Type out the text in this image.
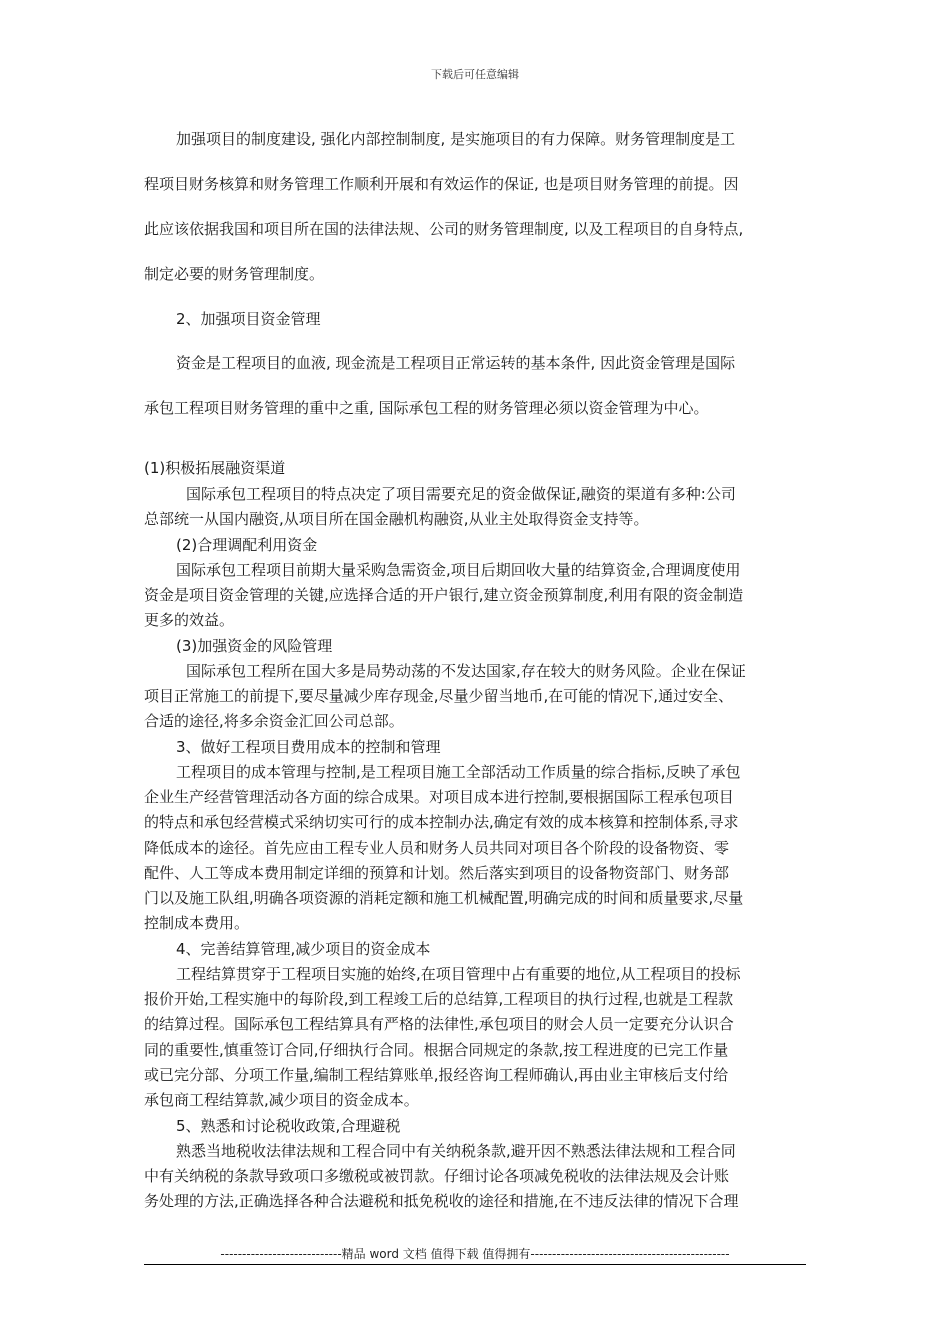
下载后可任意编辑
加强项目的制度建设, 强化内部控制制度, 是实施项目的有力保障。财务管理制度是工
程项目财务核算和财务管理工作顺利开展和有效运作的保证, 也是项目财务管理的前提。因
此应该依据我国和项目所在国的法律法规、公司的财务管理制度, 以及工程项目的自身特点,
制定必要的财务管理制度。
2、加强项目资金管理
资金是工程项目的血液, 现金流是工程项目正常运转的基本条件, 因此资金管理是国际
承包工程项目财务管理的重中之重, 国际承包工程的财务管理必须以资金管理为中心。
(1)积极拓展融资渠道
国际承包工程项目的特点决定了项目需要充足的资金做保证,融资的渠道有多种:公司
总部统一从国内融资,从项目所在国金融机构融资,从业主处取得资金支持等。
(2)合理调配利用资金
国际承包工程项目前期大量采购急需资金,项目后期回收大量的结算资金,合理调度使用
资金是项目资金管理的关键,应选择合适的开户银行,建立资金预算制度,利用有限的资金制造
更多的效益。
(3)加强资金的风险管理
国际承包工程所在国大多是局势动荡的不发达国家,存在较大的财务风险。企业在保证
项目正常施工的前提下,要尽量减少库存现金,尽量少留当地币,在可能的情况下,通过安全、
合适的途径,将多余资金汇回公司总部。
3、做好工程项目费用成本的控制和管理
工程项目的成本管理与控制,是工程项目施工全部活动工作质量的综合指标,反映了承包
企业生产经营管理活动各方面的综合成果。对项目成本进行控制,要根据国际工程承包项目
的特点和承包经营模式采纳切实可行的成本控制办法,确定有效的成本核算和控制体系,寻求
降低成本的途径。首先应由工程专业人员和财务人员共同对项目各个阶段的设备物资、零
配件、人工等成本费用制定详细的预算和计划。然后落实到项目的设备物资部门、财务部
门以及施工队组,明确各项资源的消耗定额和施工机械配置,明确完成的时间和质量要求,尽量
控制成本费用。
4、完善结算管理,减少项目的资金成本
工程结算贯穿于工程项目实施的始终,在项目管理中占有重要的地位,从工程项目的投标
报价开始,工程实施中的每阶段,到工程竣工后的总结算,工程项目的执行过程,也就是工程款
的结算过程。国际承包工程结算具有严格的法律性,承包项目的财会人员一定要充分认识合
同的重要性,慎重签订合同,仔细执行合同。根据合同规定的条款,按工程进度的已完工作量
或已完分部、分项工作量,编制工程结算账单,报经咨询工程师确认,再由业主审核后支付给
承包商工程结算款,减少项目的资金成本。
5、熟悉和讨论税收政策,合理避税
熟悉当地税收法律法规和工程合同中有关纳税条款,避开因不熟悉法律法规和工程合同
中有关纳税的条款导致项口多缴税或被罚款。仔细讨论各项减免税收的法律法规及会计账
务处理的方法,正确选择各种合法避税和抵免税收的途径和措施,在不违反法律的情况下合理
----------------------------精品 word 文档 值得下载 值得拥有----------------------------------------------
